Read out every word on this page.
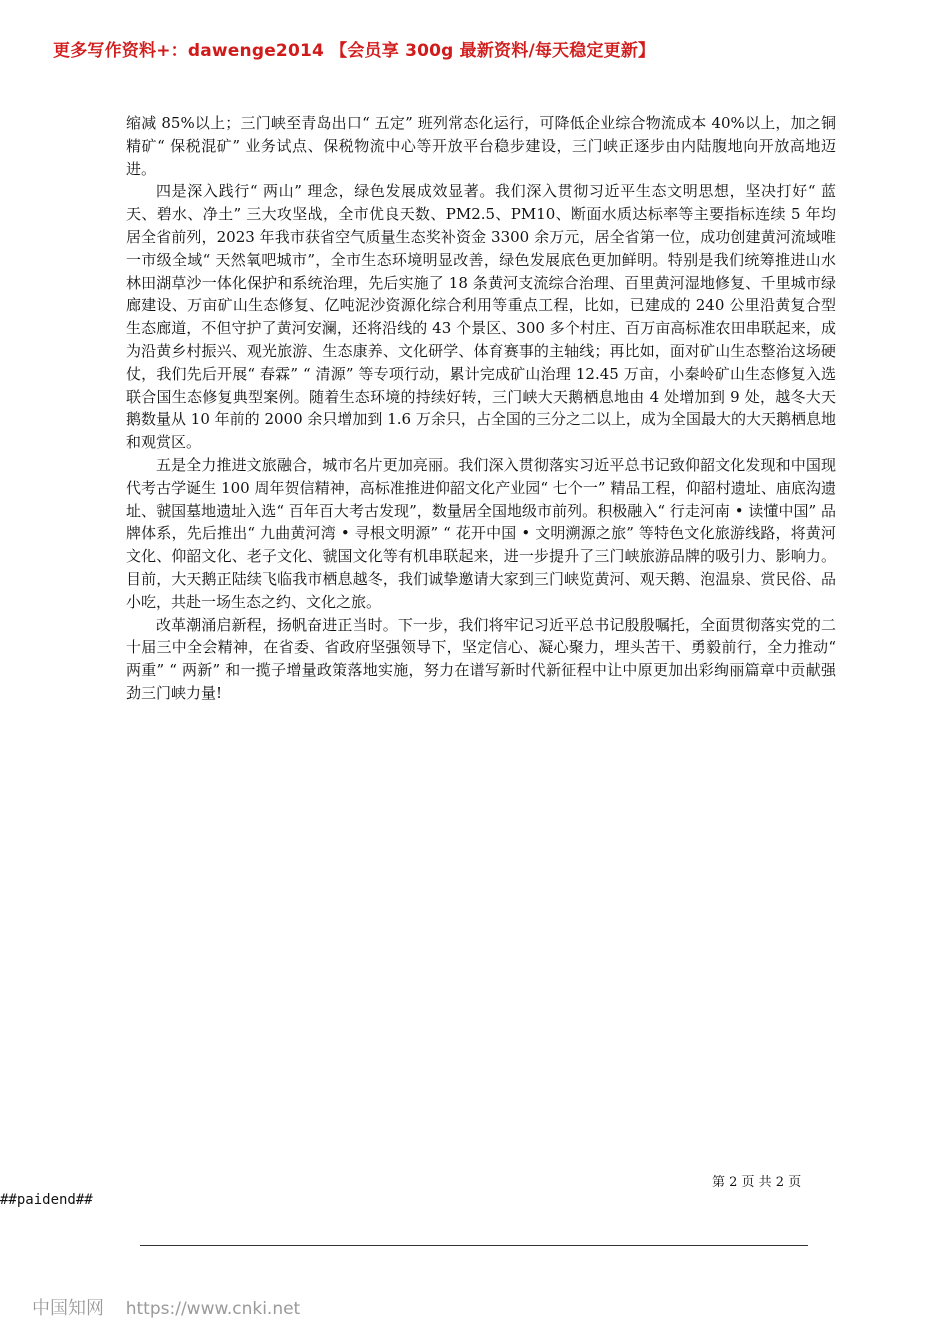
更多写作资料+：dawenge2014 【会员享 300g 最新资料/每天稳定更新】

缩减 85%以上；三门峡至青岛出口“ 五定” 班列常态化运行，可降低企业综合物流成本 40%以上，加之铜精矿“ 保税混矿” 业务试点、保税物流中心等开放平台稳步建设，三门峡正逐步由内陆腹地向开放高地迈进。

四是深入践行“ 两山” 理念，绿色发展成效显著。我们深入贯彻习近平生态文明思想，坚决打好“ 蓝天、碧水、净土” 三大攻坚战，全市优良天数、PM2.5、PM10、断面水质达标率等主要指标连续 5 年均居全省前列，2023 年我市获省空气质量生态奖补资金 3300 余万元，居全省第一位，成功创建黄河流域唯一市级全域“ 天然氧吧城市”，全市生态环境明显改善，绿色发展底色更加鲜明。特别是我们统筹推进山水林田湖草沙一体化保护和系统治理，先后实施了 18 条黄河支流综合治理、百里黄河湿地修复、千里城市绿廊建设、万亩矿山生态修复、亿吨泥沙资源化综合利用等重点工程，比如，已建成的 240 公里沿黄复合型生态廊道，不但守护了黄河安澜，还将沿线的 43 个景区、300 多个村庄、百万亩高标准农田串联起来，成为沿黄乡村振兴、观光旅游、生态康养、文化研学、体育赛事的主轴线；再比如，面对矿山生态整治这场硬仗，我们先后开展“ 春霖” “ 清源” 等专项行动，累计完成矿山治理 12.45 万亩，小秦岭矿山生态修复入选联合国生态修复典型案例。随着生态环境的持续好转，三门峡大天鹅栖息地由 4 处增加到 9 处，越冬大天鹅数量从 10 年前的 2000 余只增加到 1.6 万余只，占全国的三分之二以上，成为全国最大的大天鹅栖息地和观赏区。

五是全力推进文旅融合，城市名片更加亮丽。我们深入贯彻落实习近平总书记致仰韶文化发现和中国现代考古学诞生 100 周年贺信精神，高标准推进仰韶文化产业园“ 七个一” 精品工程，仰韶村遗址、庙底沟遗址、虢国墓地遗址入选“ 百年百大考古发现”，数量居全国地级市前列。积极融入“ 行走河南 • 读懂中国” 品牌体系，先后推出“ 九曲黄河湾 • 寻根文明源” “ 花开中国 • 文明溯源之旅” 等特色文化旅游线路，将黄河文化、仰韶文化、老子文化、虢国文化等有机串联起来，进一步提升了三门峡旅游品牌的吸引力、影响力。目前，大天鹅正陆续飞临我市栖息越冬，我们诚挚邀请大家到三门峡览黄河、观天鹅、泡温泉、赏民俗、品小吃，共赴一场生态之约、文化之旅。

改革潮涌启新程，扬帆奋进正当时。下一步，我们将牢记习近平总书记殷殷嘱托，全面贯彻落实党的二十届三中全会精神，在省委、省政府坚强领导下，坚定信心、凝心聚力，埋头苦干、勇毅前行，全力推动“ 两重” “ 两新” 和一揽子增量政策落地实施，努力在谱写新时代新征程中让中原更加出彩绚丽篇章中贡献强劲三门峡力量!

第 2 页 共 2 页
##paidend##
中国知网 https://www.cnki.net
